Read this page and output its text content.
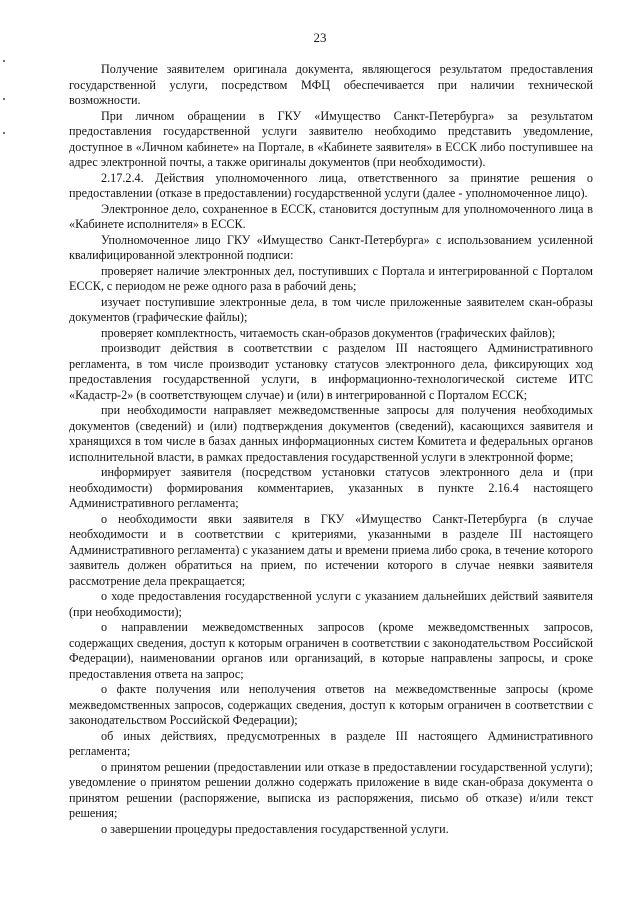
23

Получение заявителем оригинала документа, являющегося результатом предоставления государственной услуги, посредством МФЦ обеспечивается при наличии технической возможности.

При личном обращении в ГКУ «Имущество Санкт-Петербурга» за результатом предоставления государственной услуги заявителю необходимо представить уведомление, доступное в «Личном кабинете» на Портале, в «Кабинете заявителя» в ЕССК либо поступившее на адрес электронной почты, а также оригиналы документов (при необходимости).

2.17.2.4. Действия уполномоченного лица, ответственного за принятие решения о предоставлении (отказе в предоставлении) государственной услуги (далее - уполномоченное лицо).

Электронное дело, сохраненное в ЕССК, становится доступным для уполномоченного лица в «Кабинете исполнителя» в ЕССК.

Уполномоченное лицо ГКУ «Имущество Санкт-Петербурга» с использованием усиленной квалифицированной электронной подписи:

проверяет наличие электронных дел, поступивших с Портала и интегрированной с Порталом ЕССК, с периодом не реже одного раза в рабочий день;

изучает поступившие электронные дела, в том числе приложенные заявителем скан-образы документов (графические файлы);

проверяет комплектность, читаемость скан-образов документов (графических файлов);

производит действия в соответствии с разделом III настоящего Административного регламента, в том числе производит установку статусов электронного дела, фиксирующих ход предоставления государственной услуги, в информационно-технологической системе ИТС «Кадастр-2» (в соответствующем случае) и (или) в интегрированной с Порталом ЕССК;

при необходимости направляет межведомственные запросы для получения необходимых документов (сведений) и (или) подтверждения документов (сведений), касающихся заявителя и хранящихся в том числе в базах данных информационных систем Комитета и федеральных органов исполнительной власти, в рамках предоставления государственной услуги в электронной форме;

информирует заявителя (посредством установки статусов электронного дела и (при необходимости) формирования комментариев, указанных в пункте 2.16.4 настоящего Административного регламента;

о необходимости явки заявителя в ГКУ «Имущество Санкт-Петербурга (в случае необходимости и в соответствии с критериями, указанными в разделе III настоящего Административного регламента) с указанием даты и времени приема либо срока, в течение которого заявитель должен обратиться на прием, по истечении которого в случае неявки заявителя рассмотрение дела прекращается;

о ходе предоставления государственной услуги с указанием дальнейших действий заявителя (при необходимости);

о направлении межведомственных запросов (кроме межведомственных запросов, содержащих сведения, доступ к которым ограничен в соответствии с законодательством Российской Федерации), наименовании органов или организаций, в которые направлены запросы, и сроке предоставления ответа на запрос;

о факте получения или неполучения ответов на межведомственные запросы (кроме межведомственных запросов, содержащих сведения, доступ к которым ограничен в соответствии с законодательством Российской Федерации);

об иных действиях, предусмотренных в разделе III настоящего Административного регламента;

о принятом решении (предоставлении или отказе в предоставлении государственной услуги); уведомление о принятом решении должно содержать приложение в виде скан-образа документа о принятом решении (распоряжение, выписка из распоряжения, письмо об отказе) и/или текст решения;

о завершении процедуры предоставления государственной услуги.
